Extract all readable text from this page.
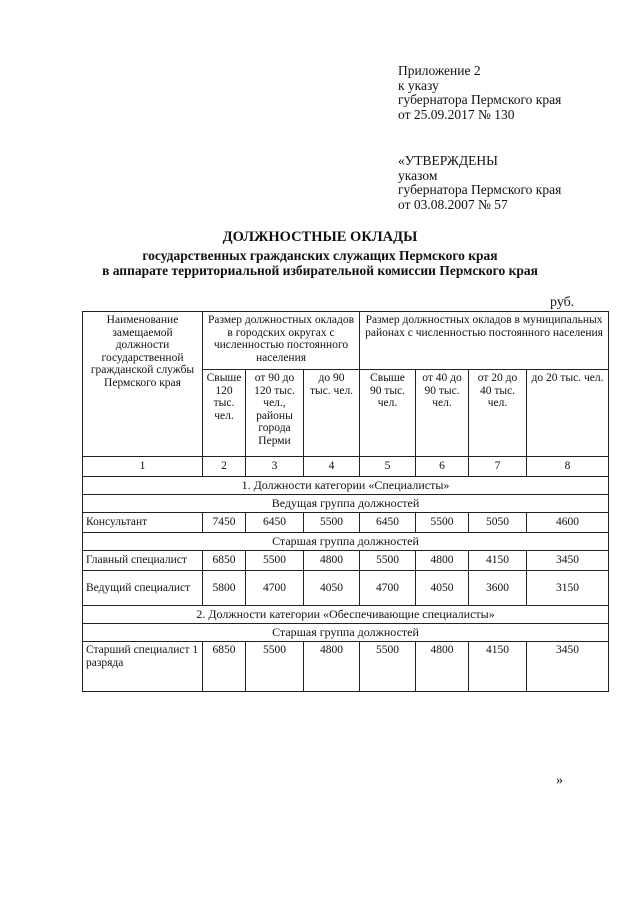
Приложение 2
к указу
губернатора Пермского края
от 25.09.2017 № 130
«УТВЕРЖДЕНЫ
указом
губернатора Пермского края
от 03.08.2007 № 57
ДОЛЖНОСТНЫЕ ОКЛАДЫ
государственных гражданских служащих Пермского края
в аппарате территориальной избирательной комиссии Пермского края
руб.
Наименование замещаемой должности государственной гражданской службы Пермского края	Размер должностных окладов в городских округах с численностью постоянного населения			Размер должностных окладов в муниципальных районах с численностью постоянного населения			
	Свыше 120 тыс. чел.	от 90 до 120 тыс. чел., районы города Перми	до 90 тыс. чел.	Свыше 90 тыс. чел.	от 40 до 90 тыс. чел.	от 20 до 40 тыс. чел.	до 20 тыс. чел.
1	2	3	4	5	6	7	8
1. Должности категории «Специалисты»							
Ведущая группа должностей							
Консультант	7450	6450	5500	6450	5500	5050	4600
Старшая группа должностей							
Главный специалист	6850	5500	4800	5500	4800	4150	3450
Ведущий специалист	5800	4700	4050	4700	4050	3600	3150
2. Должности категории «Обеспечивающие специалисты»							
Старшая группа должностей							
Старший специалист 1 разряда	6850	5500	4800	5500	4800	4150	3450
»
